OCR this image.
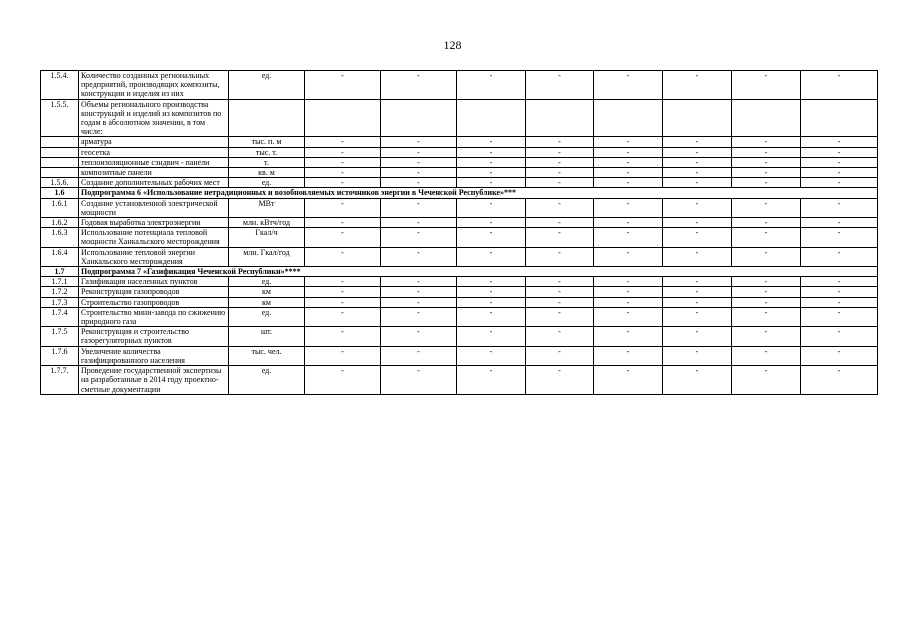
128
1.5.4.	Количество созданных региональных предприятий, производящих композиты, конструкции и изделия из них	ед.	-	-	-	-	-	-	-	-
1.5.5.	Объемы регионального производства конструкций и изделий из композитов по годам в абсолютном значении, в том числе:									
	арматура	тыс. п. м	-	-	-	-	-	-	-	-
	геосетка	тыс. т.	-	-	-	-	-	-	-	-
	теплоизоляционные сэндвич - панели	т.	-	-	-	-	-	-	-	-
	композитные панели	кв. м	-	-	-	-	-	-	-	-
1.5.6.	Создание дополнительных рабочих мест	ед.	-	-	-	-	-	-	-	-
1.6	Подпрограмма 6 «Использование нетрадиционных и возобновляемых источников энергии в Чеченской Республике»***									
1.6.1	Создание установленной электрической мощности	МВт	-	-	-	-	-	-	-	-
1.6.2	Годовая выработка электроэнергии	млн. кВтч/год	-	-	-	-	-	-	-	-
1.6.3	Использование потенциала тепловой мощности Ханкальского месторождения	Гкал/ч	-	-	-	-	-	-	-	-
1.6.4	Использование тепловой энергии Ханкальского месторождения	млн. Гкал/год	-	-	-	-	-	-	-	-
1.7	Подпрограмма 7 «Газификация Чеченской Республики»****									
1.7.1	Газификация населенных пунктов	ед.	-	-	-	-	-	-	-	-
1.7.2	Реконструкция газопроводов	км	-	-	-	-	-	-	-	-
1.7.3	Строительство газопроводов	км	-	-	-	-	-	-	-	-
1.7.4	Строительство мини-завода по сжижению природного газа	ед.	-	-	-	-	-	-	-	-
1.7.5	Реконструкция и строительство газорегуляторных пунктов	шт.	-	-	-	-	-	-	-	-
1.7.6	Увеличение количества газифицированного населения	тыс. чел.	-	-	-	-	-	-	-	-
1.7.7.	Проведение государственной экспертизы на разработанные в 2014 году проектно-сметные документации	ед.	-	-	-	-	-	-	-	-
